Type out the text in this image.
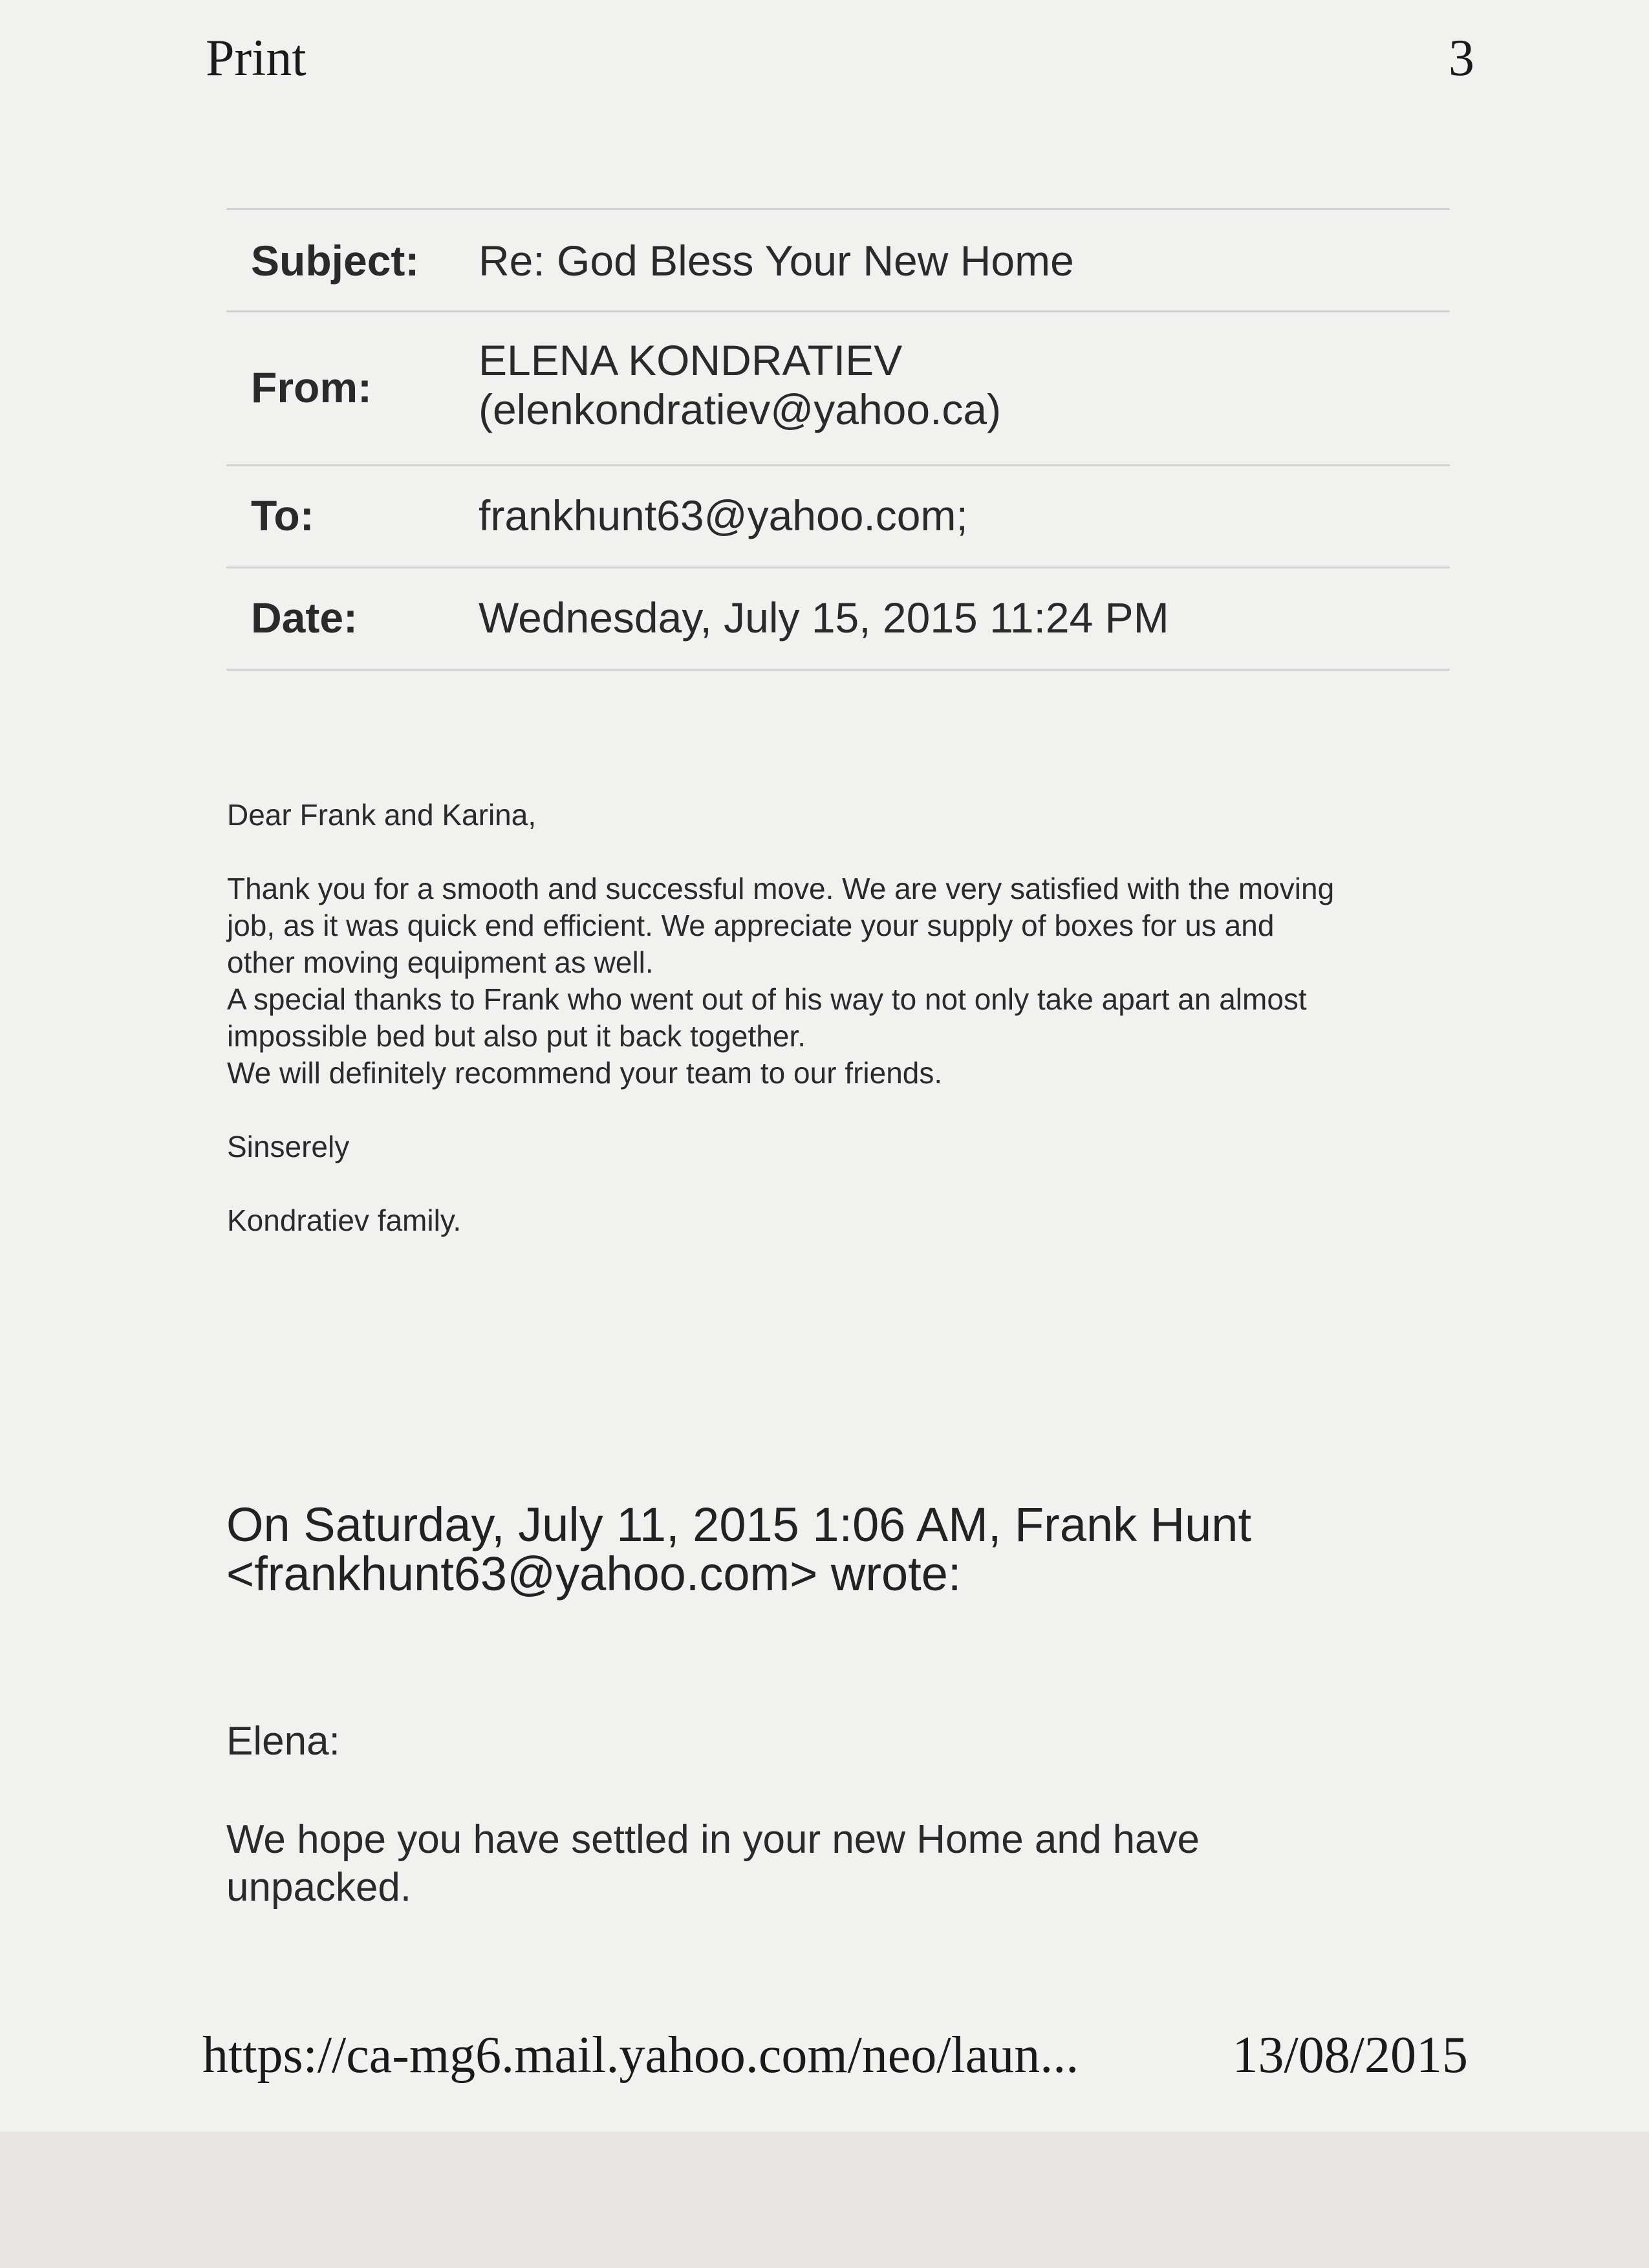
Print	3
Subject: Re: God Bless Your New Home
From:
ELENA KONDRATIEV
(elenkondratiev@yahoo.ca)
To:	frankhunt63@yahoo.com;
Date:	Wednesday, July 15, 2015 11:24 PM

Dear Frank and Karina,

Thank you for a smooth and successful move. We are very satisfied with the moving
job, as it was quick end efficient. We appreciate your supply of boxes for us and
other moving equipment as well.
A special thanks to Frank who went out of his way to not only take apart an almost
impossible bed but also put it back together.
We will definitely recommend your team to our friends.

Sinserely

Kondratiev family.

On Saturday, July 11, 2015 1:06 AM, Frank Hunt
<frankhunt63@yahoo.com> wrote:
Elena:
We hope you have settled in your new Home and have
unpacked.
https://ca-mg6.mail.yahoo.com/neo/laun...	13/08/2015
